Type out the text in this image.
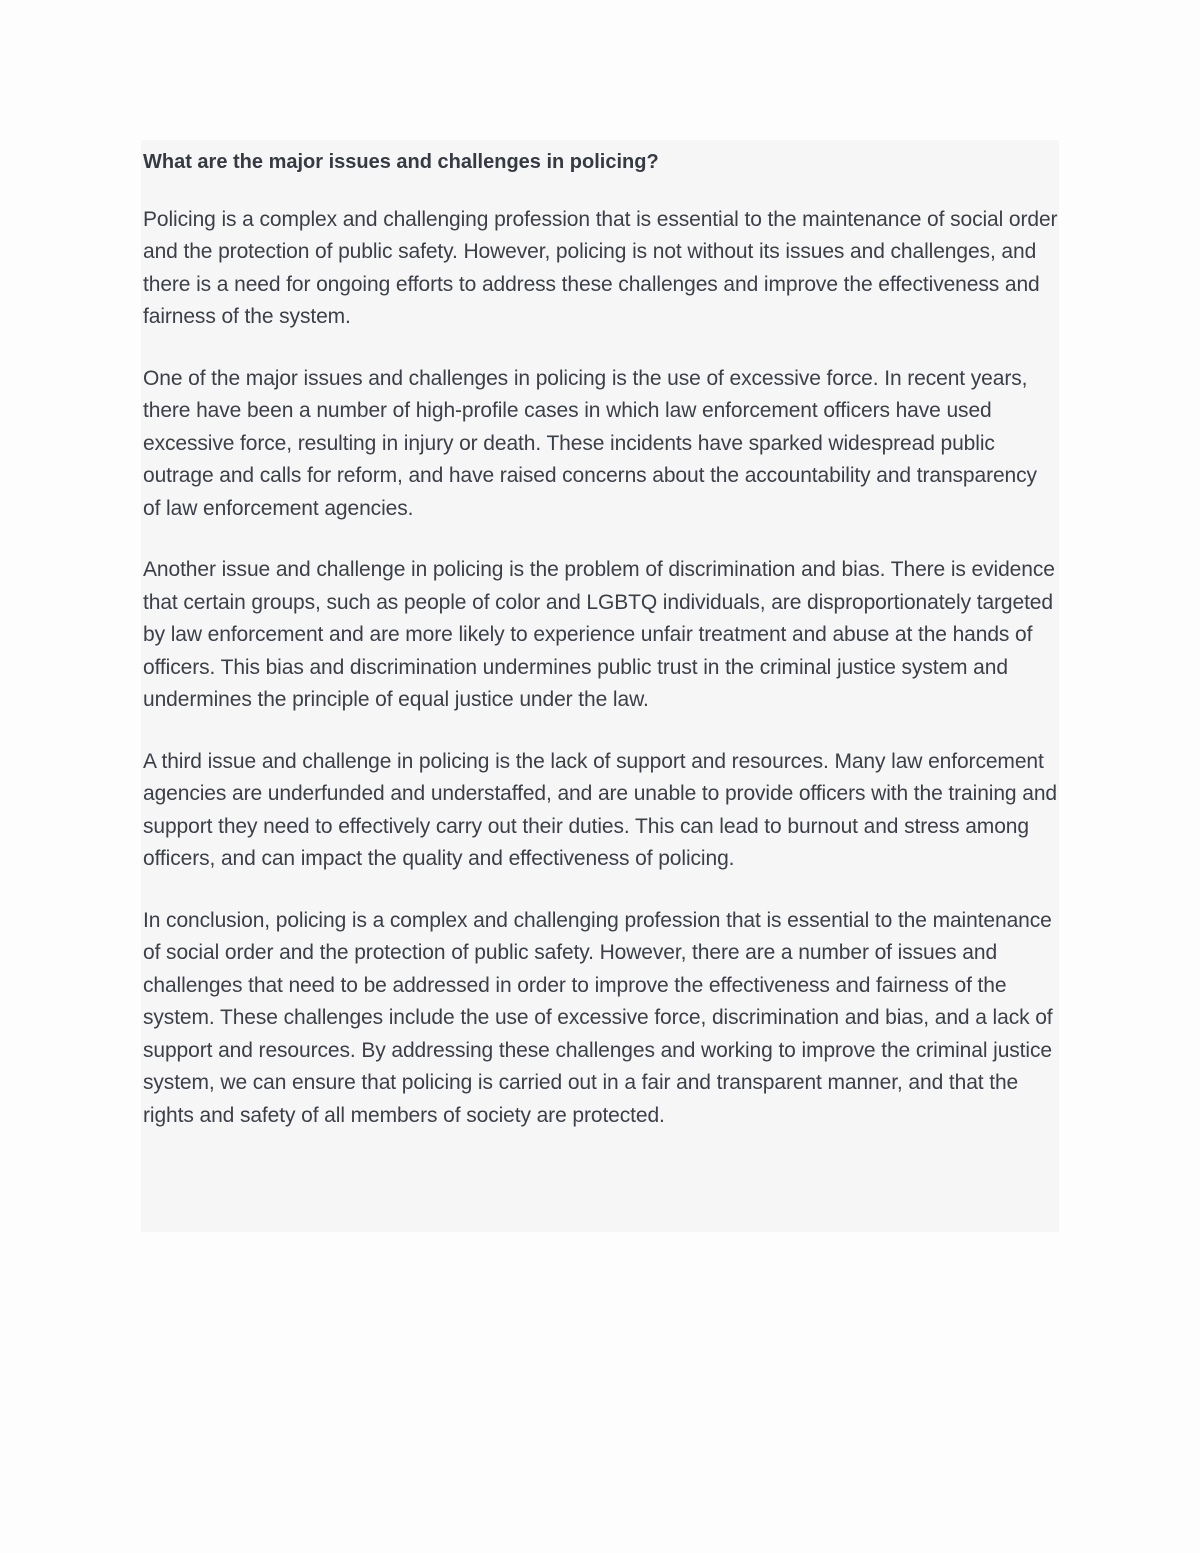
What are the major issues and challenges in policing?

Policing is a complex and challenging profession that is essential to the maintenance of social order and the protection of public safety. However, policing is not without its issues and challenges, and there is a need for ongoing efforts to address these challenges and improve the effectiveness and fairness of the system.

One of the major issues and challenges in policing is the use of excessive force. In recent years, there have been a number of high-profile cases in which law enforcement officers have used excessive force, resulting in injury or death. These incidents have sparked widespread public outrage and calls for reform, and have raised concerns about the accountability and transparency of law enforcement agencies.

Another issue and challenge in policing is the problem of discrimination and bias. There is evidence that certain groups, such as people of color and LGBTQ individuals, are disproportionately targeted by law enforcement and are more likely to experience unfair treatment and abuse at the hands of officers. This bias and discrimination undermines public trust in the criminal justice system and undermines the principle of equal justice under the law.

A third issue and challenge in policing is the lack of support and resources. Many law enforcement agencies are underfunded and understaffed, and are unable to provide officers with the training and support they need to effectively carry out their duties. This can lead to burnout and stress among officers, and can impact the quality and effectiveness of policing.

In conclusion, policing is a complex and challenging profession that is essential to the maintenance of social order and the protection of public safety. However, there are a number of issues and challenges that need to be addressed in order to improve the effectiveness and fairness of the system. These challenges include the use of excessive force, discrimination and bias, and a lack of support and resources. By addressing these challenges and working to improve the criminal justice system, we can ensure that policing is carried out in a fair and transparent manner, and that the rights and safety of all members of society are protected.
